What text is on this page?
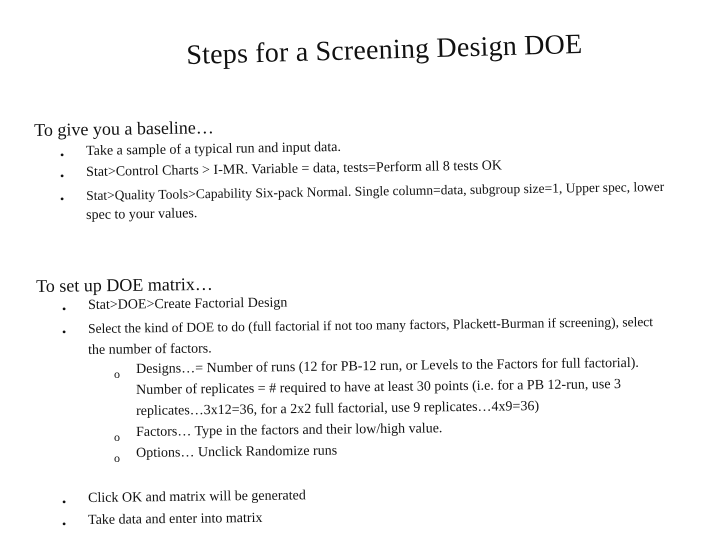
Steps for a Screening Design DOE
To give you a baseline…
• Take a sample of a typical run and input data.
• Stat>Control Charts > I-MR. Variable = data, tests=Perform all 8 tests OK
• Stat>Quality Tools>Capability Six-pack Normal. Single column=data, subgroup size=1, Upper spec, lower
spec to your values.
To set up DOE matrix…
• Stat>DOE>Create Factorial Design
• Select the kind of DOE to do (full factorial if not too many factors, Plackett-Burman if screening), select
the number of factors.
o Designs…= Number of runs (12 for PB-12 run, or Levels to the Factors for full factorial).
Number of replicates = # required to have at least 30 points (i.e. for a PB 12-run, use 3
replicates…3x12=36, for a 2x2 full factorial, use 9 replicates…4x9=36)
o Factors… Type in the factors and their low/high value.
o Options… Unclick Randomize runs
• Click OK and matrix will be generated
• Take data and enter into matrix
